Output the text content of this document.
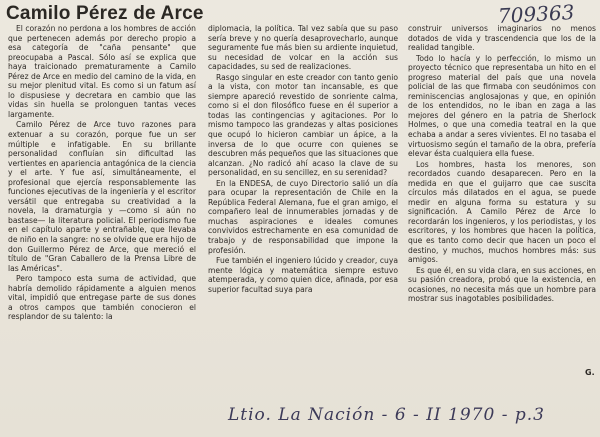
Camilo Pérez de Arce	709363

El corazón no perdona a los hombres de acción que pertenecen además por derecho propio a esa categoría de "caña pensante" que preocupaba a Pascal. Sólo así se explica que haya traicionado prematuramente a Camilo Pérez de Arce en medio del camino de la vida, en su mejor plenitud vital. Es como si un fatum así lo dispusiese y decretara en cambio que las vidas sin huella se prolonguen tantas veces largamente.

Camilo Pérez de Arce tuvo razones para extenuar a su corazón, porque fue un ser múltiple e infatigable. En su brillante personalidad confluían sin dificultad las vertientes en apariencia antagónica de la ciencia y el arte. Y fue así, simultáneamente, el profesional que ejercía responsablemente las funciones ejecutivas de la ingeniería y el escritor versátil que entregaba su creatividad a la novela, la dramaturgia y —como si aún no bastase— la literatura policial. El periodismo fue en el capítulo aparte y entrañable, que llevaba de niño en la sangre: no se olvide que era hijo de don Guillermo Pérez de Arce, que mereció el título de "Gran Caballero de la Prensa Libre de las Américas".

Pero tampoco esta suma de actividad, que habría demolido rápidamente a alguien menos vital, impidió que entregase parte de sus dones a otros campos que también conocieron el resplandor de su talento: la

diplomacia, la política. Tal vez sabía que su paso sería breve y no quería desaprovecharlo, aunque seguramente fue más bien su ardiente inquietud, su necesidad de volcar en la acción sus capacidades, su sed de realizaciones.

Rasgo singular en este creador con tanto genio a la vista, con motor tan incansable, es que siempre apareció revestido de sonriente calma, como si el don filosófico fuese en él superior a todas las contingencias y agitaciones. Por lo mismo tampoco las grandezas y altas posiciones que ocupó lo hicieron cambiar un ápice, a la inversa de lo que ocurre con quienes se descubren más pequeños que las situaciones que alcanzan. ¿No radicó ahí acaso la clave de su personalidad, en su sencillez, en su serenidad?

En la ENDESA, de cuyo Directorio salió un día para ocupar la representación de Chile en la República Federal Alemana, fue el gran amigo, el compañero leal de innumerables jornadas y de muchas aspiraciones e ideales comunes convividos estrechamente en esa comunidad de trabajo y de responsabilidad que impone la profesión.

Fue también el ingeniero lúcido y creador, cuya mente lógica y matemática siempre estuvo atemperada, y como quien dice, afinada, por esa superior facultad suya para

construir universos imaginarios no menos dotados de vida y trascendencia que los de la realidad tangible.

Todo lo hacía y lo perfección, lo mismo un proyecto técnico que representaba un hito en el progreso material del país que una novela policial de las que firmaba con seudónimos con reminiscencias anglosajonas y que, en opinión de los entendidos, no le iban en zaga a las mejores del género en la patria de Sherlock Holmes, o que una comedia teatral en la que echaba a andar a seres vivientes. El no tasaba el virtuosismo según el tamaño de la obra, prefería elevar ésta cualquiera ella fuese.

Los hombres, hasta los menores, son recordados cuando desaparecen. Pero en la medida en que el guijarro que cae suscita círculos más dilatados en el agua, se puede medir en alguna forma su estatura y su significación. A Camilo Pérez de Arce lo recordarán los ingenieros, y los periodistas, y los escritores, y los hombres que hacen la política, que es tanto como decir que hacen un poco el destino, y muchos, muchos hombres más: sus amigos.

Es que él, en su vida clara, en sus acciones, en su pasión creadora, probó que la existencia, en ocasiones, no necesita más que un hombre para mostrar sus inagotables posibilidades.

G.
Ltio. La Nación - 6 - II 1970 - p.3
